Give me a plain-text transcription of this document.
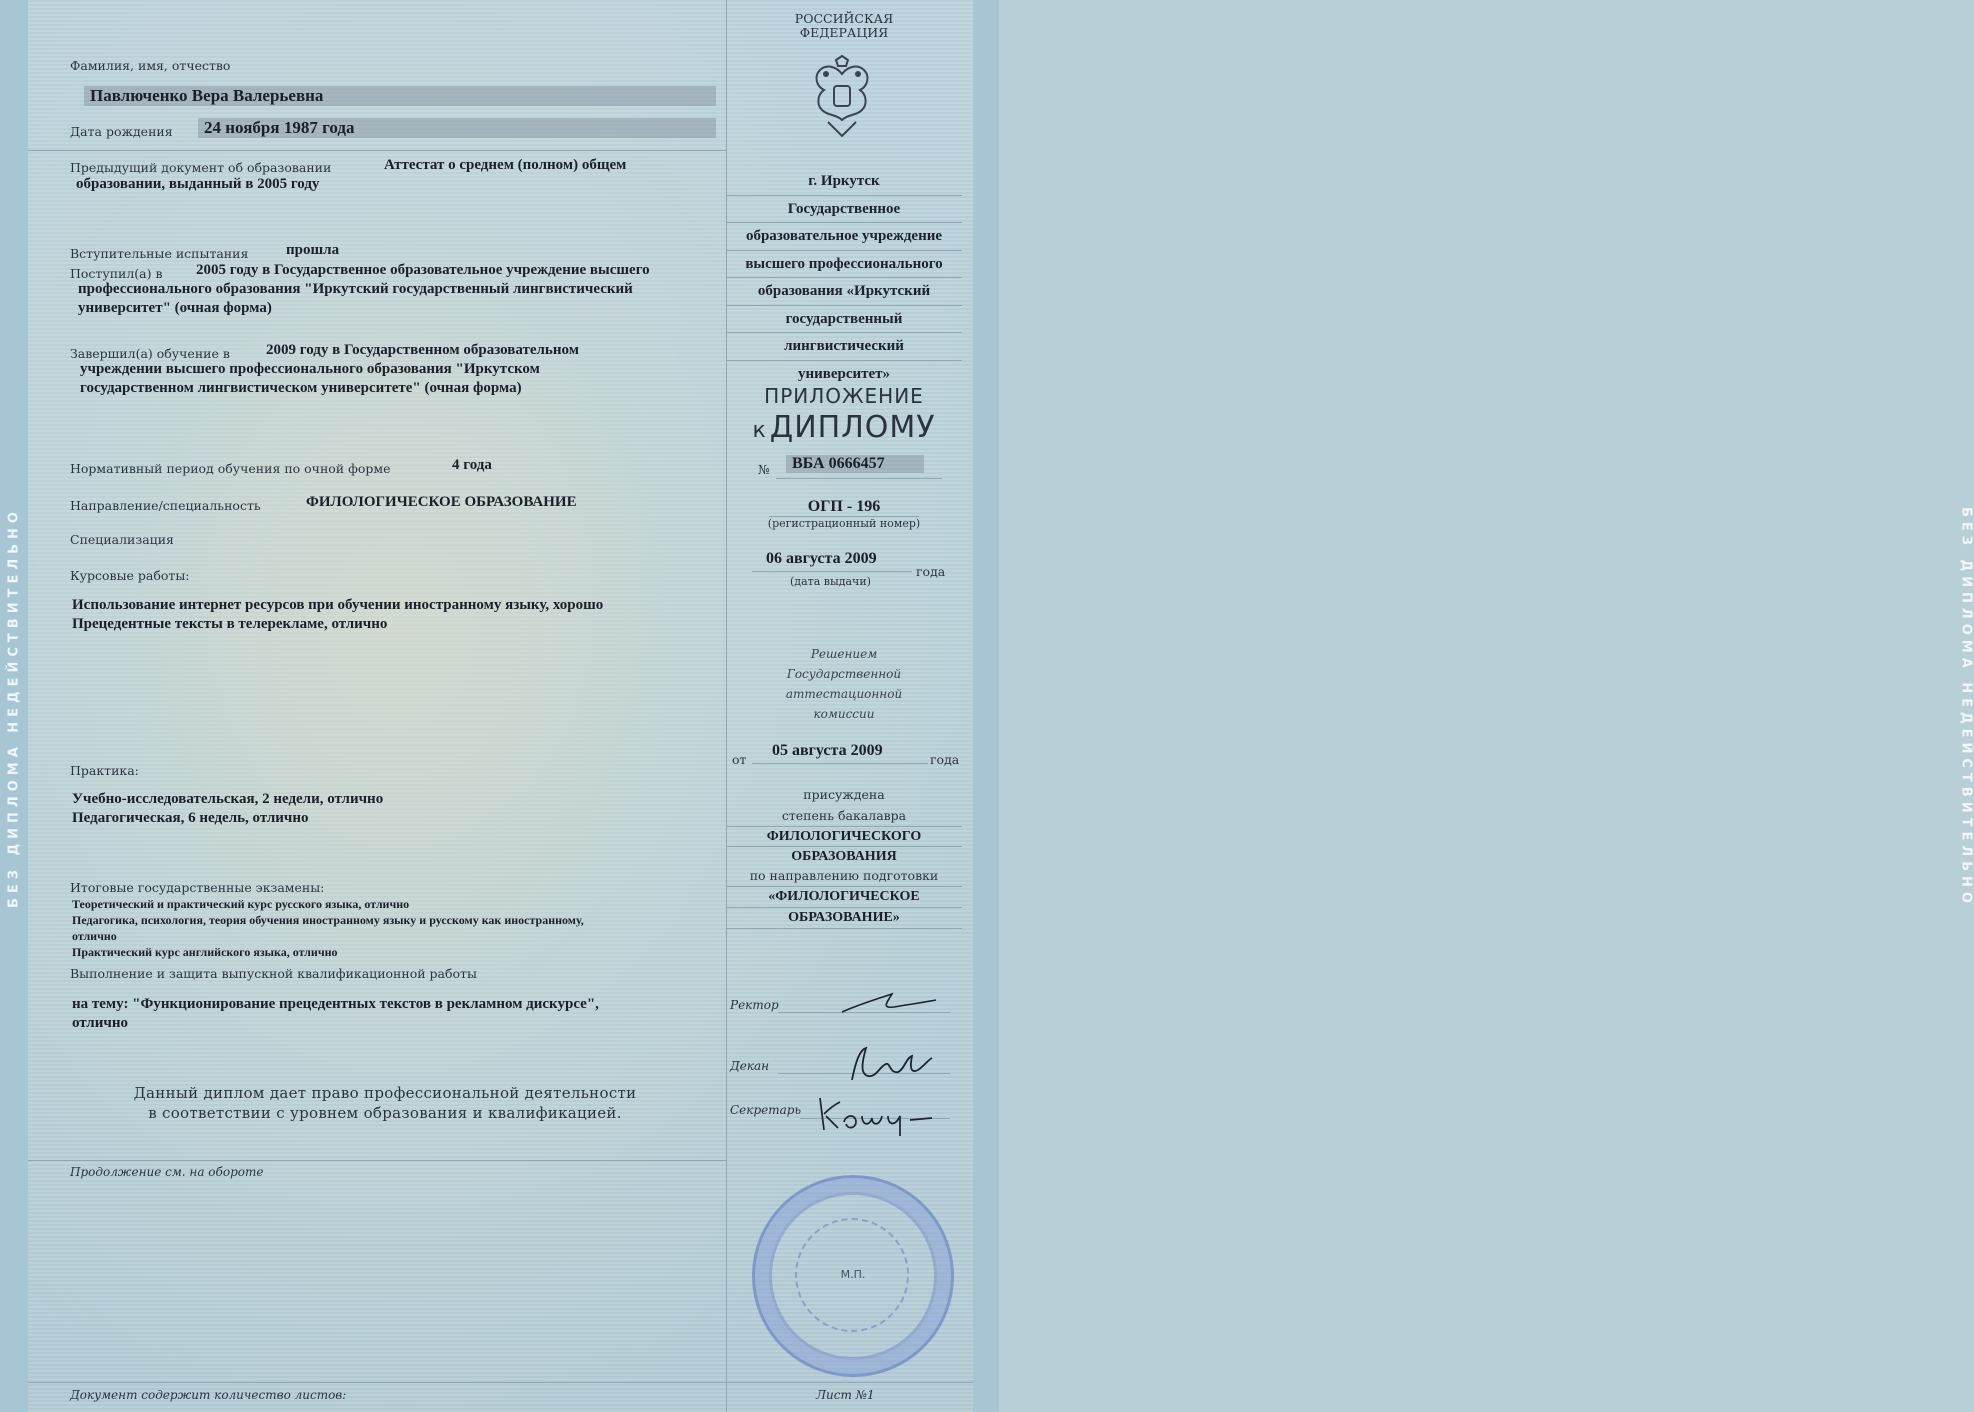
БЕЗ ДИПЛОМА НЕДЕЙСТВИТЕЛЬНО	БЕЗ ДИПЛОМА НЕДЕЙСТВИТЕЛЬНО
РОССИЙСКАЯ
ФЕДЕРАЦИЯ
Фамилия, имя, отчество
Павлюченко Вера Валерьевна
Дата рождения	24 ноября 1987 года
Предыдущий документ об образовании	Аттестат о среднем (полном) общем
образовании, выданный в 2005 году
Вступительные испытания	прошла
Поступил(а) в 2005 году в Государственное образовательное учреждение высшего
профессионального образования "Иркутский государственный лингвистический
университет" (очная форма)
Завершил(а) обучение в 2009 году в Государственном образовательном
учреждении высшего профессионального образования "Иркутском
государственном лингвистическом университете" (очная форма)
Нормативный период обучения по очной форме	4 года
Направление/специальность	ФИЛОЛОГИЧЕСКОЕ ОБРАЗОВАНИЕ
Специализация
Курсовые работы:
Использование интернет ресурсов при обучении иностранному языку, хорошо
Прецедентные тексты в телерекламе, отлично
Практика:
Учебно-исследовательская, 2 недели, отлично
Педагогическая, 6 недель, отлично
Итоговые государственные экзамены:
Теоретический и практический курс русского языка, отлично
Педагогика, психология, теория обучения иностранному языку и русскому как иностранному,
отлично
Практический курс английского языка, отлично
Выполнение и защита выпускной квалификационной работы
на тему: "Функционирование прецедентных текстов в рекламном дискурсе",
отлично
Данный диплом дает право профессиональной деятельности
в соответствии с уровнем образования и квалификацией.
Продолжение см. на обороте
Документ содержит количество листов:
г. Иркутск
Государственное
образовательное учреждение
высшего профессионального
образования «Иркутский
государственный
лингвистический
университет»
ПРИЛОЖЕНИЕ
к ДИПЛОМУ
№	ВБА 0666457
ОГП - 196
(регистрационный номер)
06 августа 2009
года
(дата выдачи)
Решением
Государственной
аттестационной
комиссии
от
05 августа 2009
года
присуждена
степень бакалавра
ФИЛОЛОГИЧЕСКОГО
ОБРАЗОВАНИЯ
по направлению подготовки
«ФИЛОЛОГИЧЕСКОЕ
ОБРАЗОВАНИЕ»
Ректор
Декан
Секретарь
М.П.
Лист №1
